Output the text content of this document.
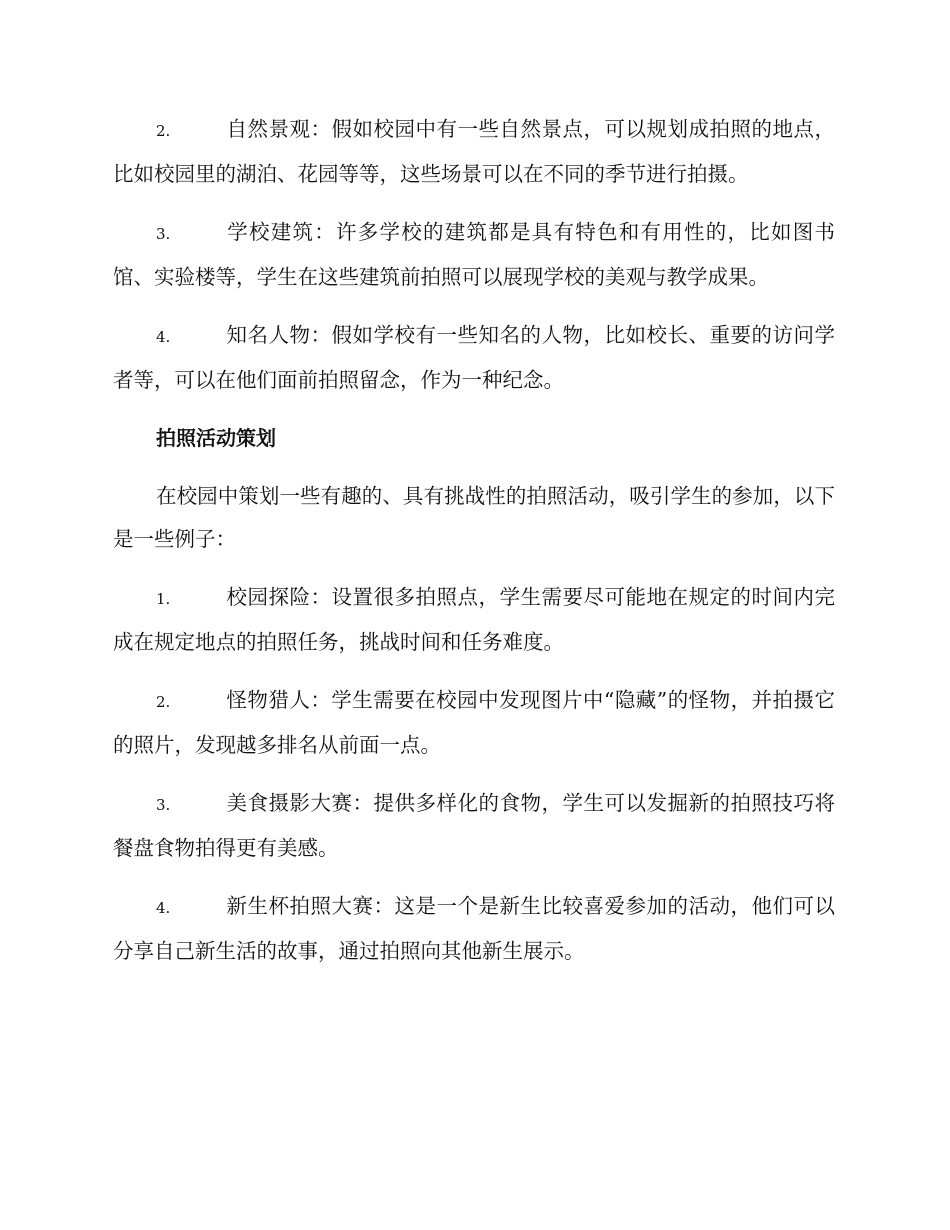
2.	自然景观：假如校园中有一些自然景点，可以规划成拍照的地点，比如校园里的湖泊、花园等等，这些场景可以在不同的季节进行拍摄。

3.	学校建筑：许多学校的建筑都是具有特色和有用性的，比如图书馆、实验楼等，学生在这些建筑前拍照可以展现学校的美观与教学成果。

4.	知名人物：假如学校有一些知名的人物，比如校长、重要的访问学者等，可以在他们面前拍照留念，作为一种纪念。

拍照活动策划

在校园中策划一些有趣的、具有挑战性的拍照活动，吸引学生的参加，以下是一些例子：

1.	校园探险：设置很多拍照点，学生需要尽可能地在规定的时间内完成在规定地点的拍照任务，挑战时间和任务难度。

2.	怪物猎人：学生需要在校园中发现图片中“隐藏”的怪物，并拍摄它的照片，发现越多排名从前面一点。

3.	美食摄影大赛：提供多样化的食物，学生可以发掘新的拍照技巧将餐盘食物拍得更有美感。

4.	新生杯拍照大赛：这是一个是新生比较喜爱参加的活动，他们可以分享自己新生活的故事，通过拍照向其他新生展示。
